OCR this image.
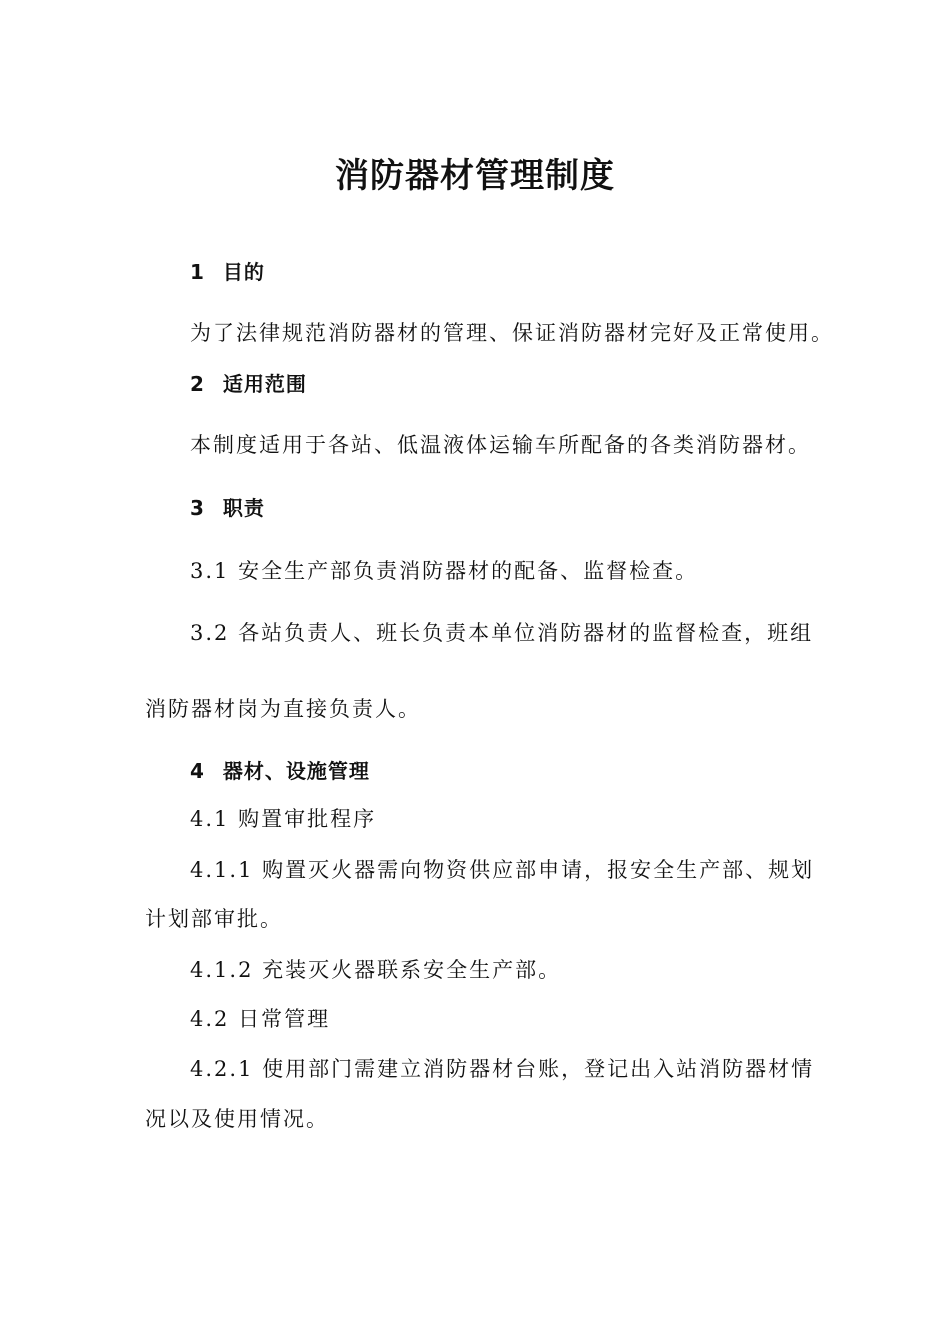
消防器材管理制度
1 目的
为了法律规范消防器材的管理、保证消防器材完好及正常使用。
2 适用范围
本制度适用于各站、低温液体运输车所配备的各类消防器材。
3 职责
3.1 安全生产部负责消防器材的配备、监督检查。
3.2 各站负责人、班长负责本单位消防器材的监督检查，班组
消防器材岗为直接负责人。
4 器材、设施管理
4.1 购置审批程序
4.1.1 购置灭火器需向物资供应部申请，报安全生产部、规划
计划部审批。
4.1.2 充装灭火器联系安全生产部。
4.2 日常管理
4.2.1 使用部门需建立消防器材台账，登记出入站消防器材情
况以及使用情况。
